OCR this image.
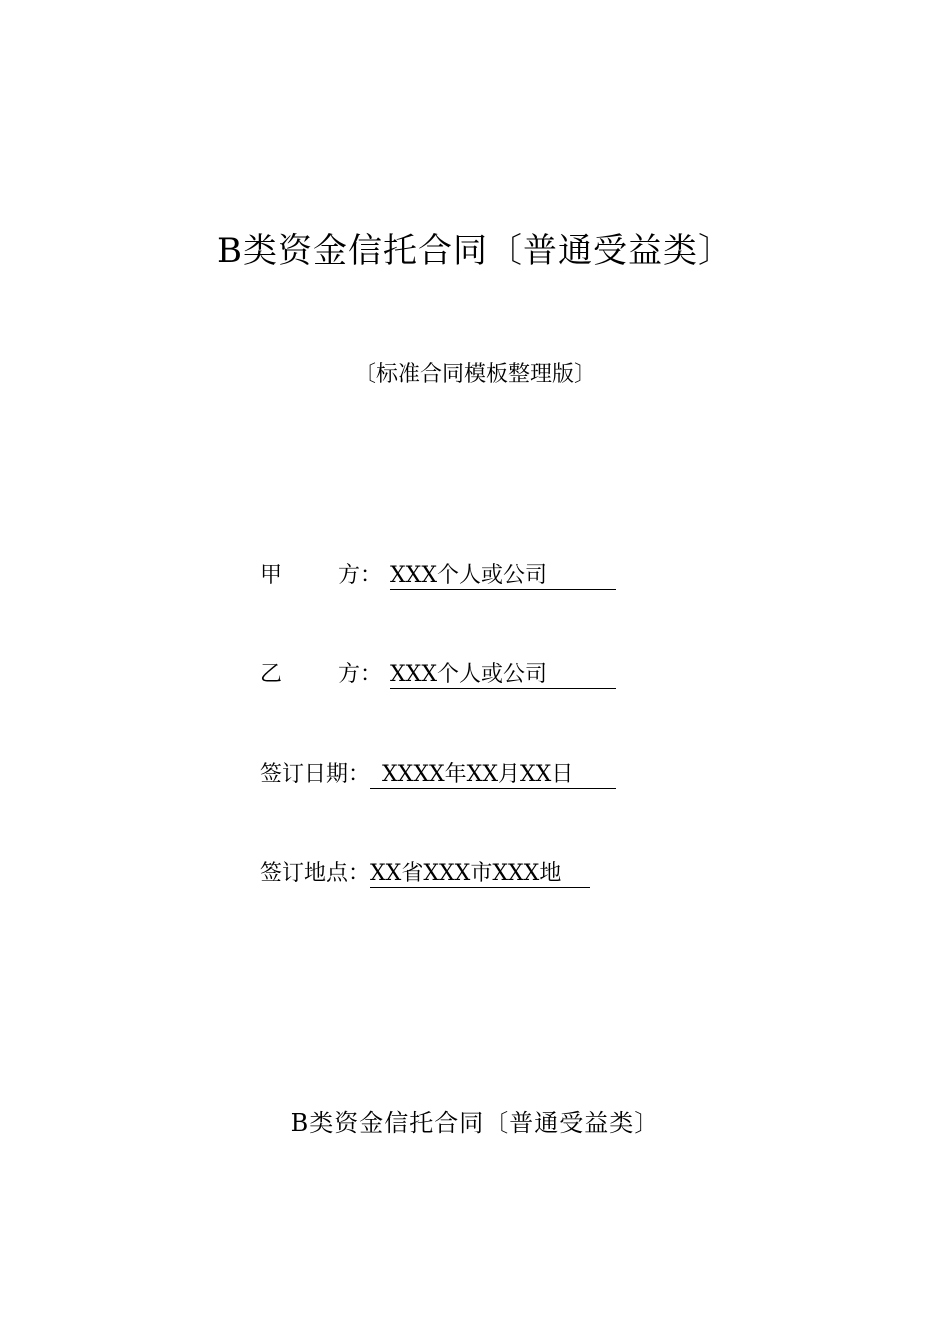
B类资金信托合同〔普通受益类〕
〔标准合同模板整理版〕
甲	方： XXX个人或公司
乙	方： XXX个人或公司
签订日期： XXXX年XX月XX日
签订地点：XX省XXX市XXX地
B类资金信托合同〔普通受益类〕
